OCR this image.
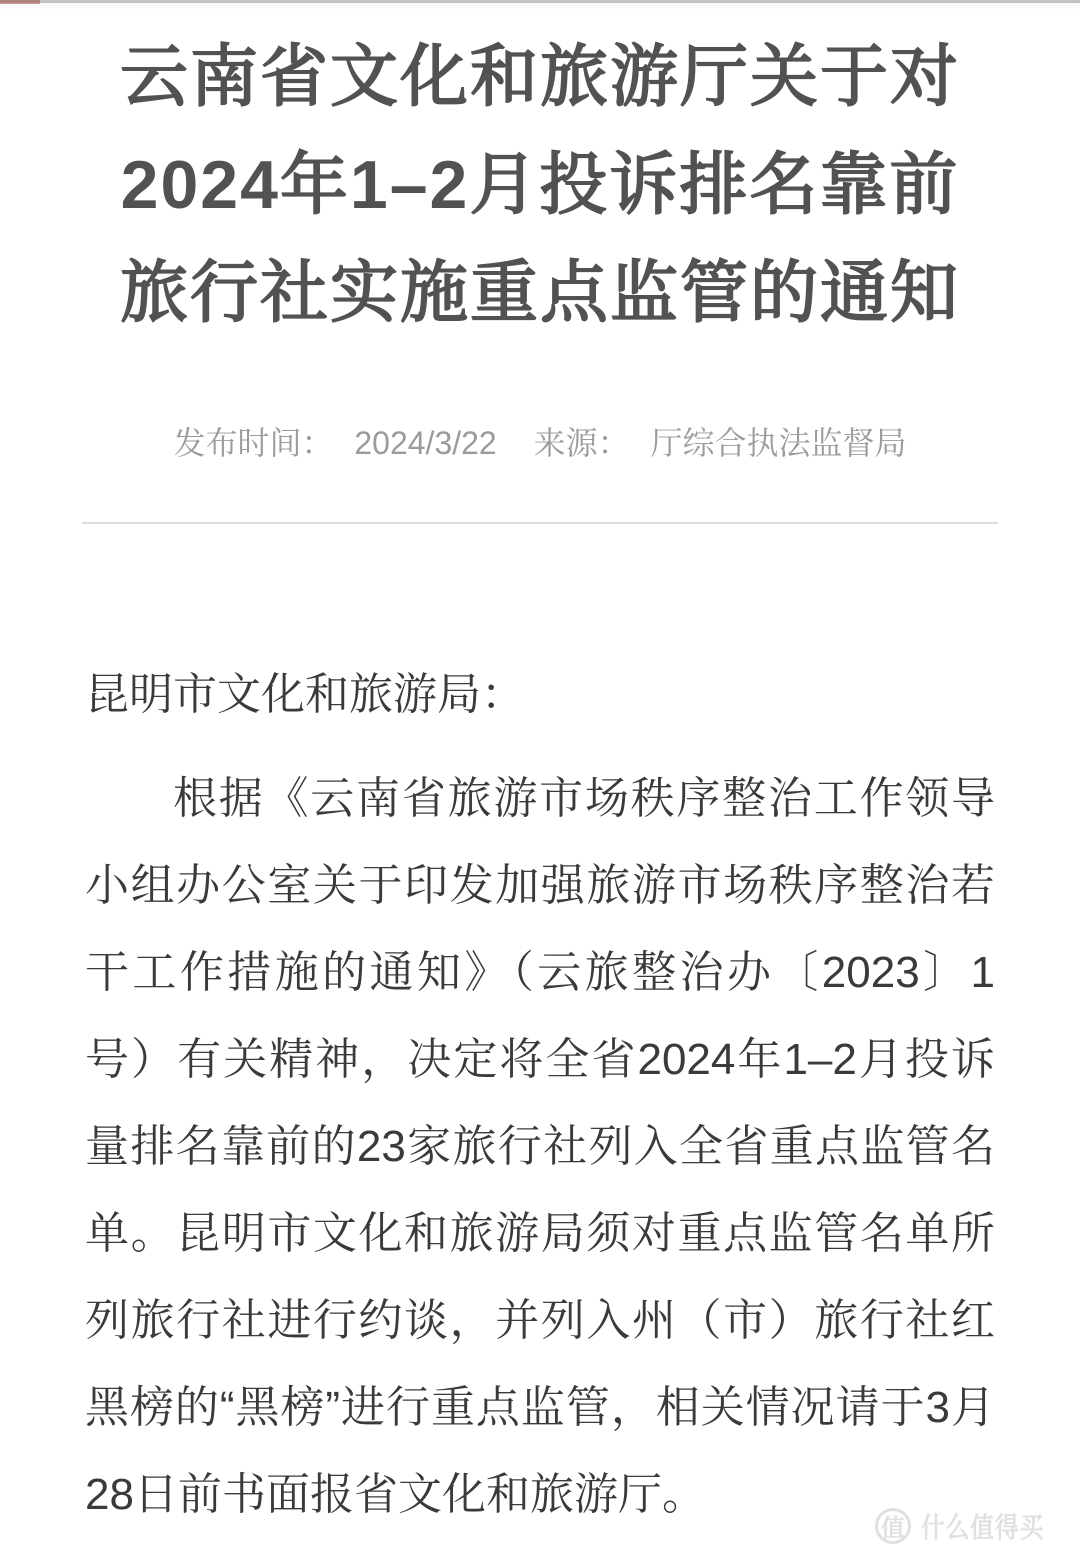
云南省文化和旅游厅关于对
2024年1–2月投诉排名靠前
旅行社实施重点监管的通知
发布时间： 2024/3/22 来源： 厅综合执法监督局
昆明市文化和旅游局：
根据《云南省旅游市场秩序整治工作领导
小组办公室关于印发加强旅游市场秩序整治若
干工作措施的通知》（云旅整治办〔2023〕1
号）有关精神，决定将全省2024年1–2月投诉
量排名靠前的23家旅行社列入全省重点监管名
单。昆明市文化和旅游局须对重点监管名单所
列旅行社进行约谈，并列入州（市）旅行社红
黑榜的“黑榜”进行重点监管，相关情况请于3月
28日前书面报省文化和旅游厅。
值 什么值得买
